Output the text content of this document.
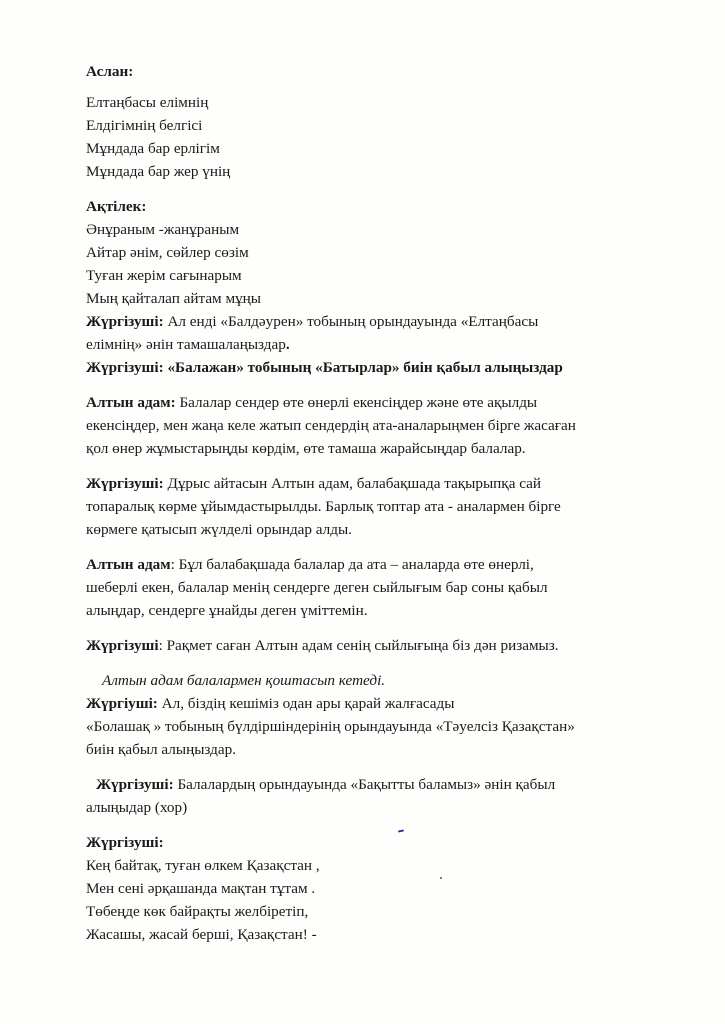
Аслан:
Елтаңбасы елімнің
Елдігімнің белгісі
Мұндада бар ерлігім
Мұндада бар жер үнің
Ақтілек:
Әнұраным -жанұраным
Айтар әнім, сөйлер сөзім
Туған жерім сағынарым
Мың қайталап айтам мұңы
Жүргізуші: Ал енді «Балдәурен» тобының орындауында «Елтаңбасы
елімнің» әнін тамашалаңыздар.
Жүргізуші: «Балажан» тобының «Батырлар» биін қабыл алыңыздар
Алтын адам: Балалар сендер өте өнерлі екенсіңдер және өте ақылды
екенсіңдер, мен жаңа келе жатып сендердің ата-аналарыңмен бірге жасаған
қол өнер жұмыстарыңды көрдім, өте тамаша жарайсыңдар балалар.
Жүргізуші: Дұрыс айтасын Алтын адам, балабақшада тақырыпқа сай
топаралық көрме ұйымдастырылды. Барлық топтар ата - аналармен бірге
көрмеге қатысып жүлделі орындар алды.
Алтын адам: Бұл балабақшада балалар да ата – аналарда өте өнерлі,
шеберлі екен, балалар менің сендерге деген сыйлығым бар соны қабыл
алыңдар, сендерге ұнайды деген үміттемін.
Жүргізуші: Рақмет саған Алтын адам сенің сыйлығыңа біз дән ризамыз.
Алтын адам балалармен қоштасып кетеді.
Жүргіуші: Ал, біздің кешіміз одан ары қарай жалғасады
«Болашақ » тобының бүлдіршіндерінің орындауында «Тәуелсіз Қазақстан»
биін қабыл алыңыздар.
Жүргізуші: Балалардың орындауында «Бақытты баламыз» әнін қабыл
алыңыдар (хор)
Жүргізуші:
Кең байтақ, туған өлкем Қазақстан ,
Мен сені әрқашанда мақтан тұтам .
Төбеңде көк байрақты желбіретіп,
Жасашы, жасай берші, Қазақстан! -
